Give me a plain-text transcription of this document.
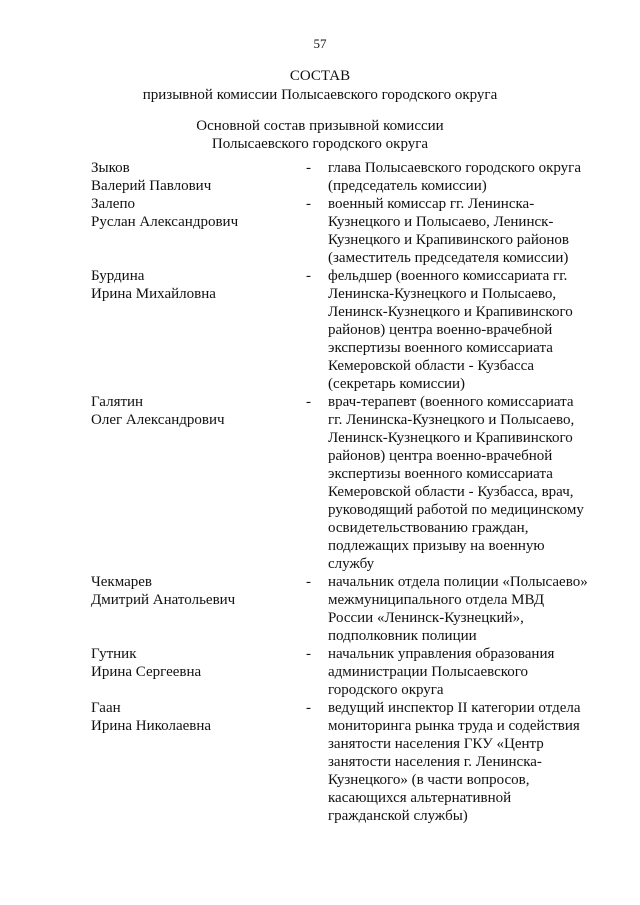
57
СОСТАВ
призывной комиссии Полысаевского городского округа
Основной состав призывной комиссии Полысаевского городского округа
Зыков
Валерий Павлович
-	глава Полысаевского городского округа (председатель комиссии)
Залепо
Руслан Александрович
-	военный комиссар гг. Ленинска-Кузнецкого и Полысаево, Ленинск-Кузнецкого и Крапивинского районов (заместитель председателя комиссии)
Бурдина
Ирина Михайловна
-	фельдшер (военного комиссариата гг. Ленинска-Кузнецкого и Полысаево, Ленинск-Кузнецкого и Крапивинского районов) центра военно-врачебной экспертизы военного комиссариата Кемеровской области - Кузбасса (секретарь комиссии)
Галятин
Олег Александрович
-	врач-терапевт (военного комиссариата гг. Ленинска-Кузнецкого и Полысаево, Ленинск-Кузнецкого и Крапивинского районов) центра военно-врачебной экспертизы военного комиссариата Кемеровской области - Кузбасса, врач, руководящий работой по медицинскому освидетельствованию граждан, подлежащих призыву на военную службу
Чекмарев
Дмитрий Анатольевич
-	начальник отдела полиции «Полысаево» межмуниципального отдела МВД России «Ленинск-Кузнецкий», подполковник полиции
Гутник
Ирина Сергеевна
-	начальник управления образования администрации Полысаевского городского округа
Гаан
Ирина Николаевна
-	ведущий инспектор II категории отдела мониторинга рынка труда и содействия занятости населения ГКУ «Центр занятости населения г. Ленинска-Кузнецкого» (в части вопросов, касающихся альтернативной гражданской службы)
